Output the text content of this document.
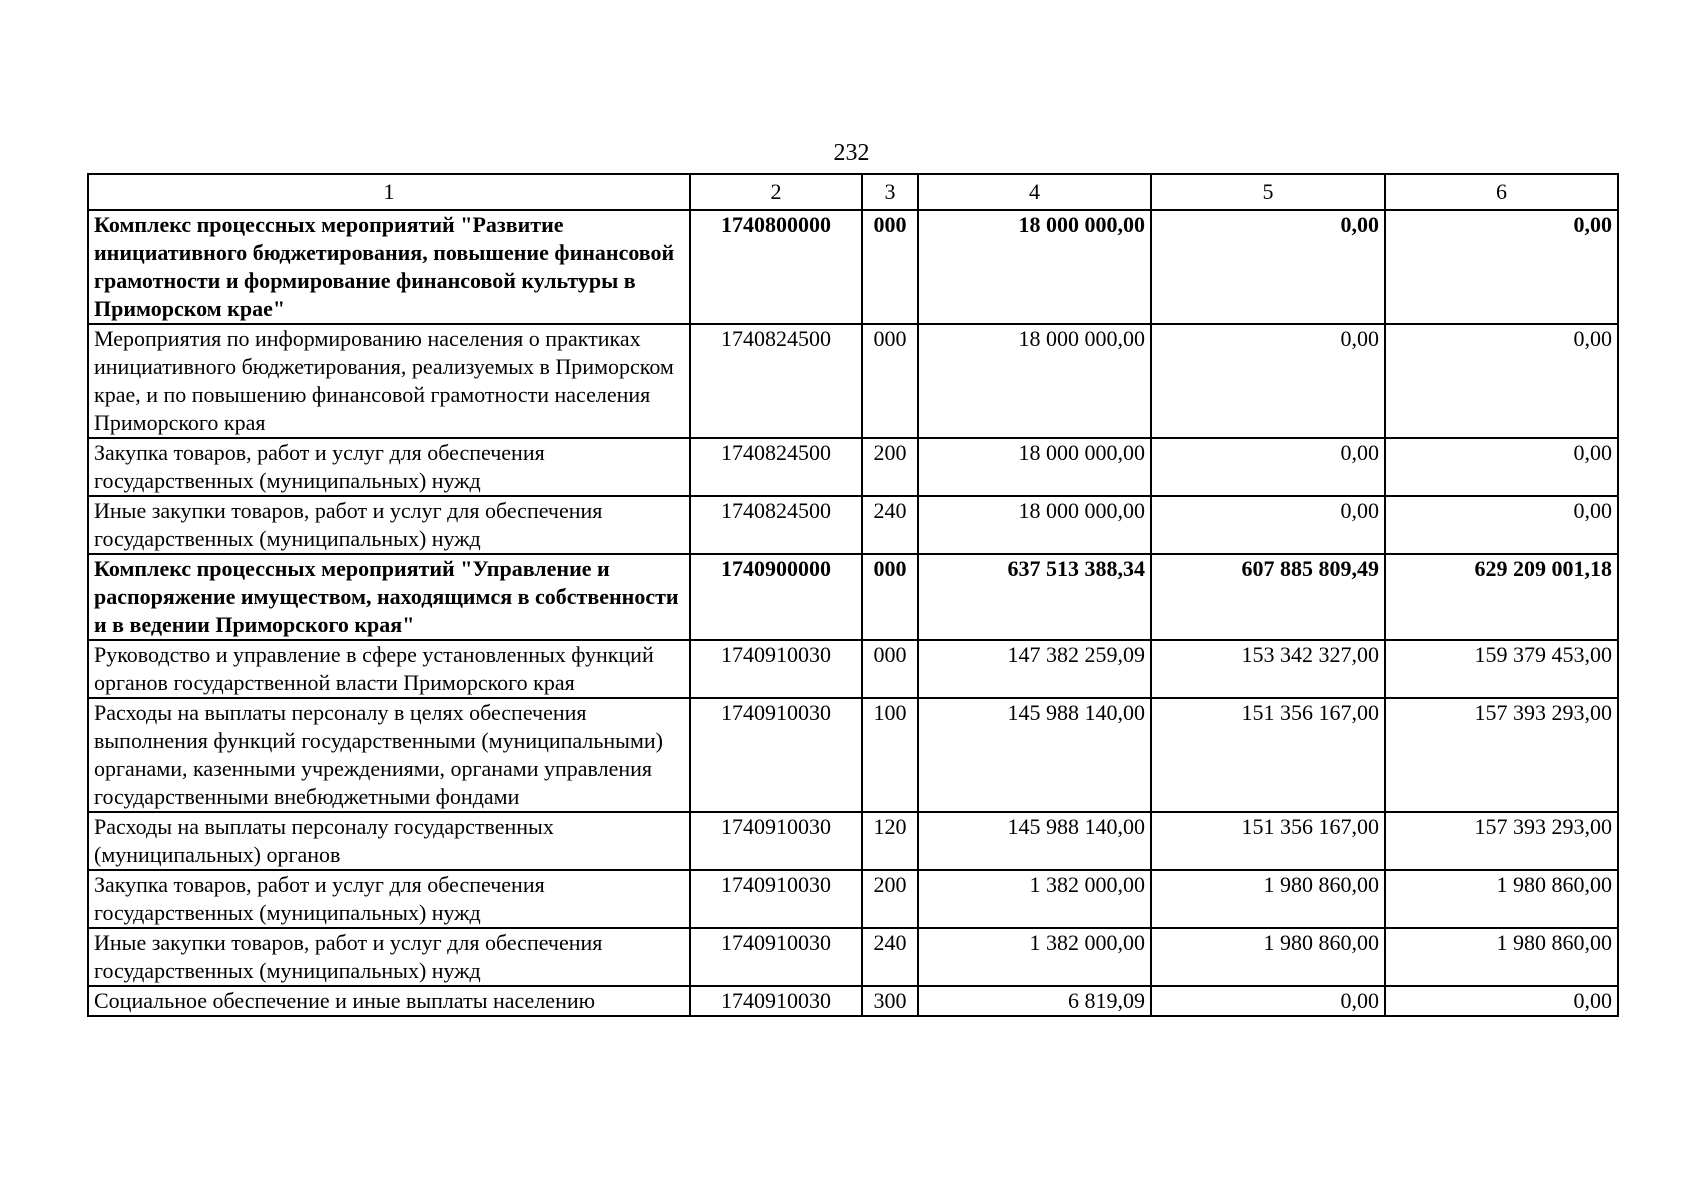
232
1	2	3	4	5	6
Комплекс процессных мероприятий "Развитие инициативного бюджетирования, повышение финансовой грамотности и формирование финансовой культуры в Приморском крае"	1740800000	000	18 000 000,00	0,00	0,00
Мероприятия по информированию населения о практиках инициативного бюджетирования, реализуемых в Приморском крае, и по повышению финансовой грамотности населения Приморского края	1740824500	000	18 000 000,00	0,00	0,00
Закупка товаров, работ и услуг для обеспечения государственных (муниципальных) нужд	1740824500	200	18 000 000,00	0,00	0,00
Иные закупки товаров, работ и услуг для обеспечения государственных (муниципальных) нужд	1740824500	240	18 000 000,00	0,00	0,00
Комплекс процессных мероприятий "Управление и распоряжение имуществом, находящимся в собственности и в ведении Приморского края"	1740900000	000	637 513 388,34	607 885 809,49	629 209 001,18
Руководство и управление в сфере установленных функций органов государственной власти Приморского края	1740910030	000	147 382 259,09	153 342 327,00	159 379 453,00
Расходы на выплаты персоналу в целях обеспечения выполнения функций государственными (муниципальными) органами, казенными учреждениями, органами управления государственными внебюджетными фондами	1740910030	100	145 988 140,00	151 356 167,00	157 393 293,00
Расходы на выплаты персоналу государственных (муниципальных) органов	1740910030	120	145 988 140,00	151 356 167,00	157 393 293,00
Закупка товаров, работ и услуг для обеспечения государственных (муниципальных) нужд	1740910030	200	1 382 000,00	1 980 860,00	1 980 860,00
Иные закупки товаров, работ и услуг для обеспечения государственных (муниципальных) нужд	1740910030	240	1 382 000,00	1 980 860,00	1 980 860,00
Социальное обеспечение и иные выплаты населению	1740910030	300	6 819,09	0,00	0,00
